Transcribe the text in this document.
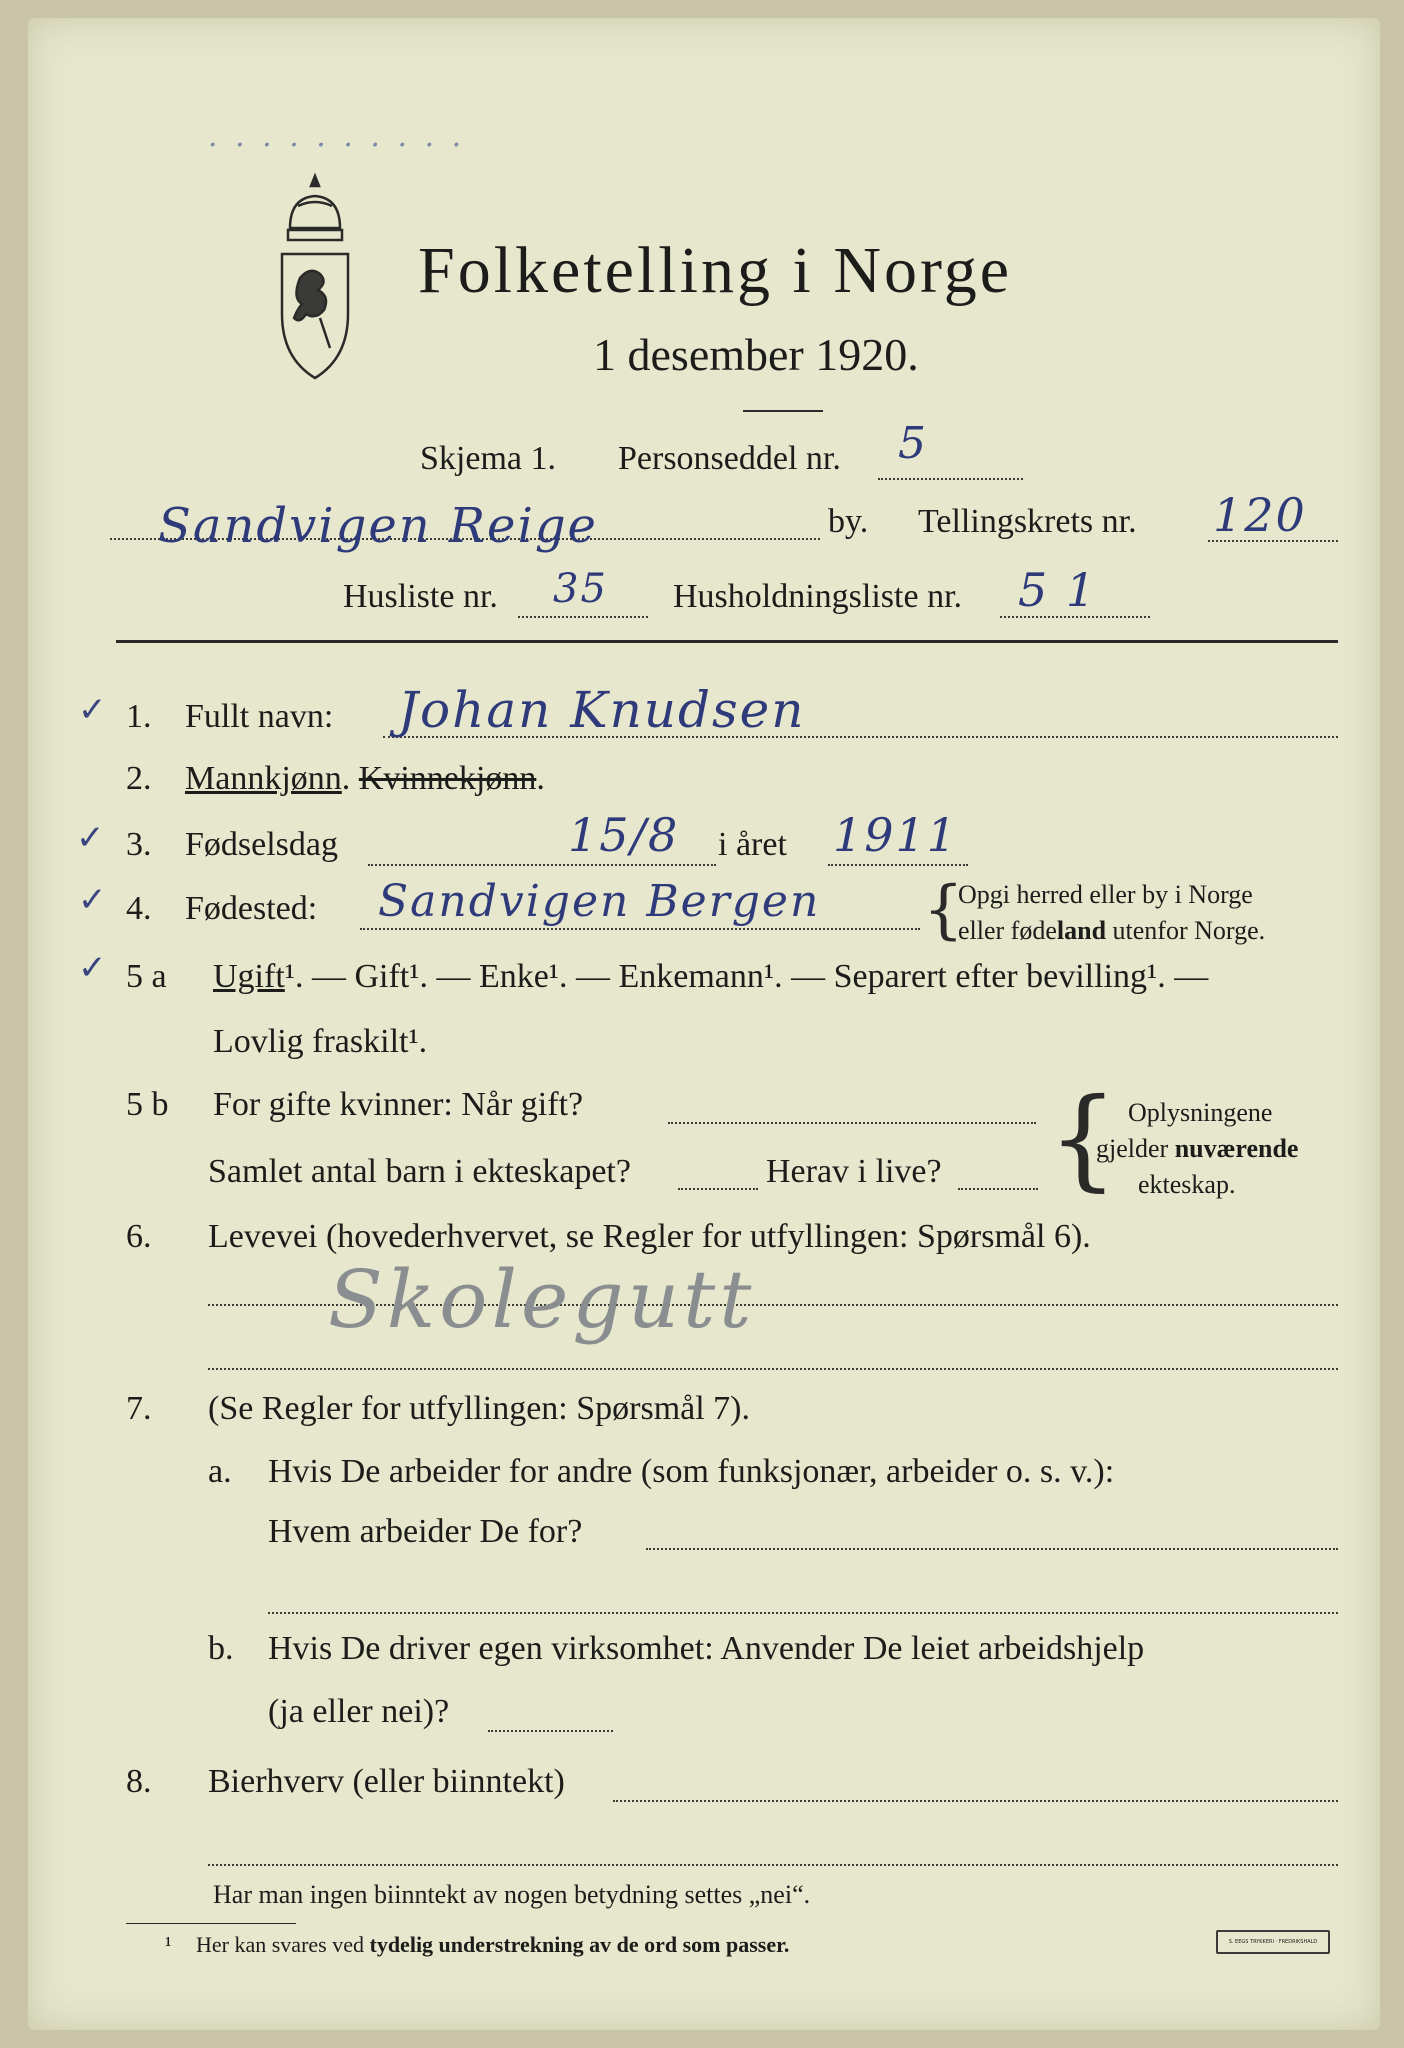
· · · · · · · · · ·
Folketelling i Norge
1 desember 1920.
Skjema 1. Personseddel nr. 5
Sandvigen Reige	by. Tellingskrets nr. 120
Husliste nr. 35 Husholdningsliste nr. 5 1
✓ 1. Fullt navn: Johan Knudsen
2. Mannkjønn. Kvinnekjønn.
✓ 3. Fødselsdag	15/8 i året 1911
✓ 4. Fødested: Sandvigen Bergen {
Opgi herred eller by i Norge
eller fødeland utenfor Norge.
✓ 5 a Ugift¹. — Gift¹. — Enke¹. — Enkemann¹. — Separert efter bevilling¹. —
Lovlig fraskilt¹.
5 b For gifte kvinner: Når gift?
Samlet antal barn i ekteskapet?	Herav i live? { Oplysningene
gjelder nuværende
ekteskap.
6. Levevei (hovederhvervet, se Regler for utfyllingen: Spørsmål 6).
Skolegutt
7. (Se Regler for utfyllingen: Spørsmål 7).
a. Hvis De arbeider for andre (som funksjonær, arbeider o. s. v.):
Hvem arbeider De for?
b. Hvis De driver egen virksomhet: Anvender De leiet arbeidshjelp
(ja eller nei)?
8. Bierhverv (eller biinntekt)
Har man ingen biinntekt av nogen betydning settes „nei“.
¹ Her kan svares ved tydelig understrekning av de ord som passer.	S. EEGS TRYKKERI · FREDRIKSHALD
